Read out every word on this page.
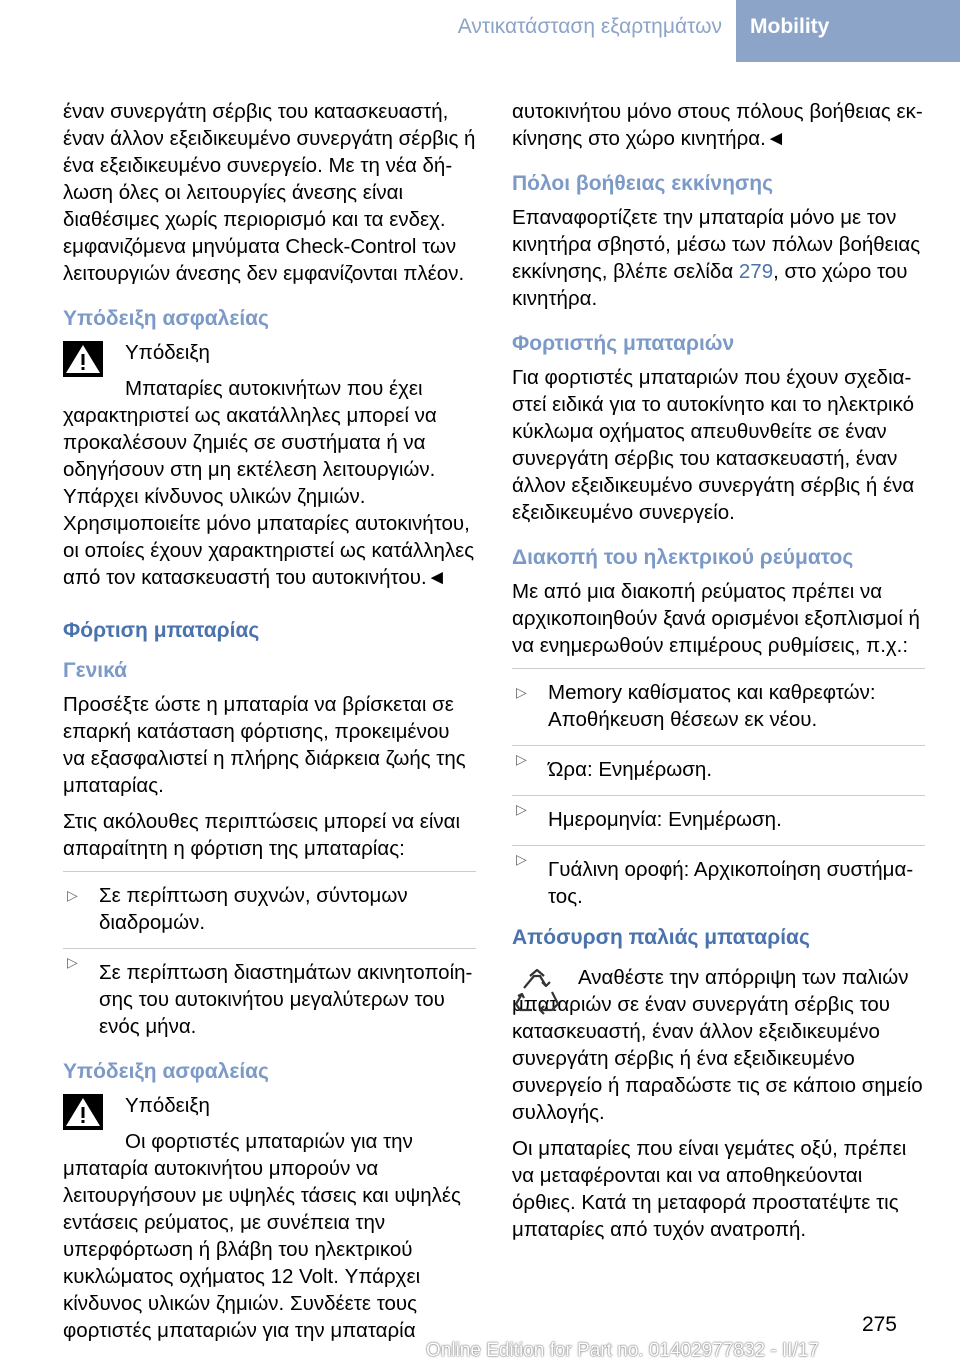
Αντικατάσταση εξαρτημάτων	Mobility

έναν συνεργάτη σέρβις του κατασκευαστή, έναν άλλον εξειδικευμένο συνεργάτη σέρβις ή ένα εξειδικευμένο συνεργείο. Με τη νέα δήλωση όλες οι λειτουργίες άνεσης είναι διαθέσιμες χωρίς περιορισμό και τα ενδεχ. εμφανιζόμενα μηνύματα Check-Control των λειτουργιών άνεσης δεν εμφανίζονται πλέον.

Υπόδειξη ασφαλείας

Υπόδειξη

Μπαταρίες αυτοκινήτων που έχει χαρακτηριστεί ως ακατάλληλες μπορεί να προκαλέσουν ζημιές σε συστήματα ή να οδηγήσουν στη μη εκτέλεση λειτουργιών. Υπάρχει κίνδυνος υλικών ζημιών. Χρησιμοποιείτε μόνο μπαταρίες αυτοκινήτου, οι οποίες έχουν χαρακτηριστεί ως κατάλληλες από τον κατασκευαστή του αυτοκινήτου.◄

Φόρτιση μπαταρίας
Γενικά

Προσέξτε ώστε η μπαταρία να βρίσκεται σε επαρκή κατάσταση φόρτισης, προκειμένου να εξασφαλιστεί η πλήρης διάρκεια ζωής της μπαταρίας.

Στις ακόλουθες περιπτώσεις μπορεί να είναι απαραίτητη η φόρτιση της μπαταρίας:

▷ Σε περίπτωση συχνών, σύντομων διαδρομών.
▷ Σε περίπτωση διαστημάτων ακινητοποίησης του αυτοκινήτου μεγαλύτερων του ενός μήνα.
Υπόδειξη ασφαλείας

Υπόδειξη

Οι φορτιστές μπαταριών για την μπαταρία αυτοκινήτου μπορούν να λειτουργήσουν με υψηλές τάσεις και υψηλές εντάσεις ρεύματος, με συνέπεια την υπερφόρτωση ή βλάβη του ηλεκτρικού κυκλώματος οχήματος 12 Volt. Υπάρχει κίνδυνος υλικών ζημιών. Συνδέετε τους φορτιστές μπαταριών για την μπαταρία

αυτοκινήτου μόνο στους πόλους βοήθειας εκκίνησης στο χώρο κινητήρα.◄

Πόλοι βοήθειας εκκίνησης

Επαναφορτίζετε την μπαταρία μόνο με τον κινητήρα σβηστό, μέσω των πόλων βοήθειας εκκίνησης, βλέπε σελίδα 279, στο χώρο του κινητήρα.

Φορτιστής μπαταριών

Για φορτιστές μπαταριών που έχουν σχεδιαστεί ειδικά για το αυτοκίνητο και το ηλεκτρικό κύκλωμα οχήματος απευθυνθείτε σε έναν συνεργάτη σέρβις του κατασκευαστή, έναν άλλον εξειδικευμένο συνεργάτη σέρβις ή ένα εξειδικευμένο συνεργείο.

Διακοπή του ηλεκτρικού ρεύματος

Με από μια διακοπή ρεύματος πρέπει να αρχικοποιηθούν ξανά ορισμένοι εξοπλισμοί ή να ενημερωθούν επιμέρους ρυθμίσεις, π.χ.:

▷ Memory καθίσματος και καθρεφτών: Αποθήκευση θέσεων εκ νέου.
▷ Ώρα: Ενημέρωση.
▷ Ημερομηνία: Ενημέρωση.
▷ Γυάλινη οροφή: Αρχικοποίηση συστήματος.
Απόσυρση παλιάς μπαταρίας

Αναθέστε την απόρριψη των παλιών μπαταριών σε έναν συνεργάτη σέρβις του κατασκευαστή, έναν άλλον εξειδικευμένο συνεργάτη σέρβις ή ένα εξειδικευμένο συνεργείο ή παραδώστε τις σε κάποιο σημείο συλλογής.

Οι μπαταρίες που είναι γεμάτες οξύ, πρέπει να μεταφέρονται και να αποθηκεύονται όρθιες. Κατά τη μεταφορά προστατέψτε τις μπαταρίες από τυχόν ανατροπή.

275
Online Edition for Part no. 01402977832 - II/17
